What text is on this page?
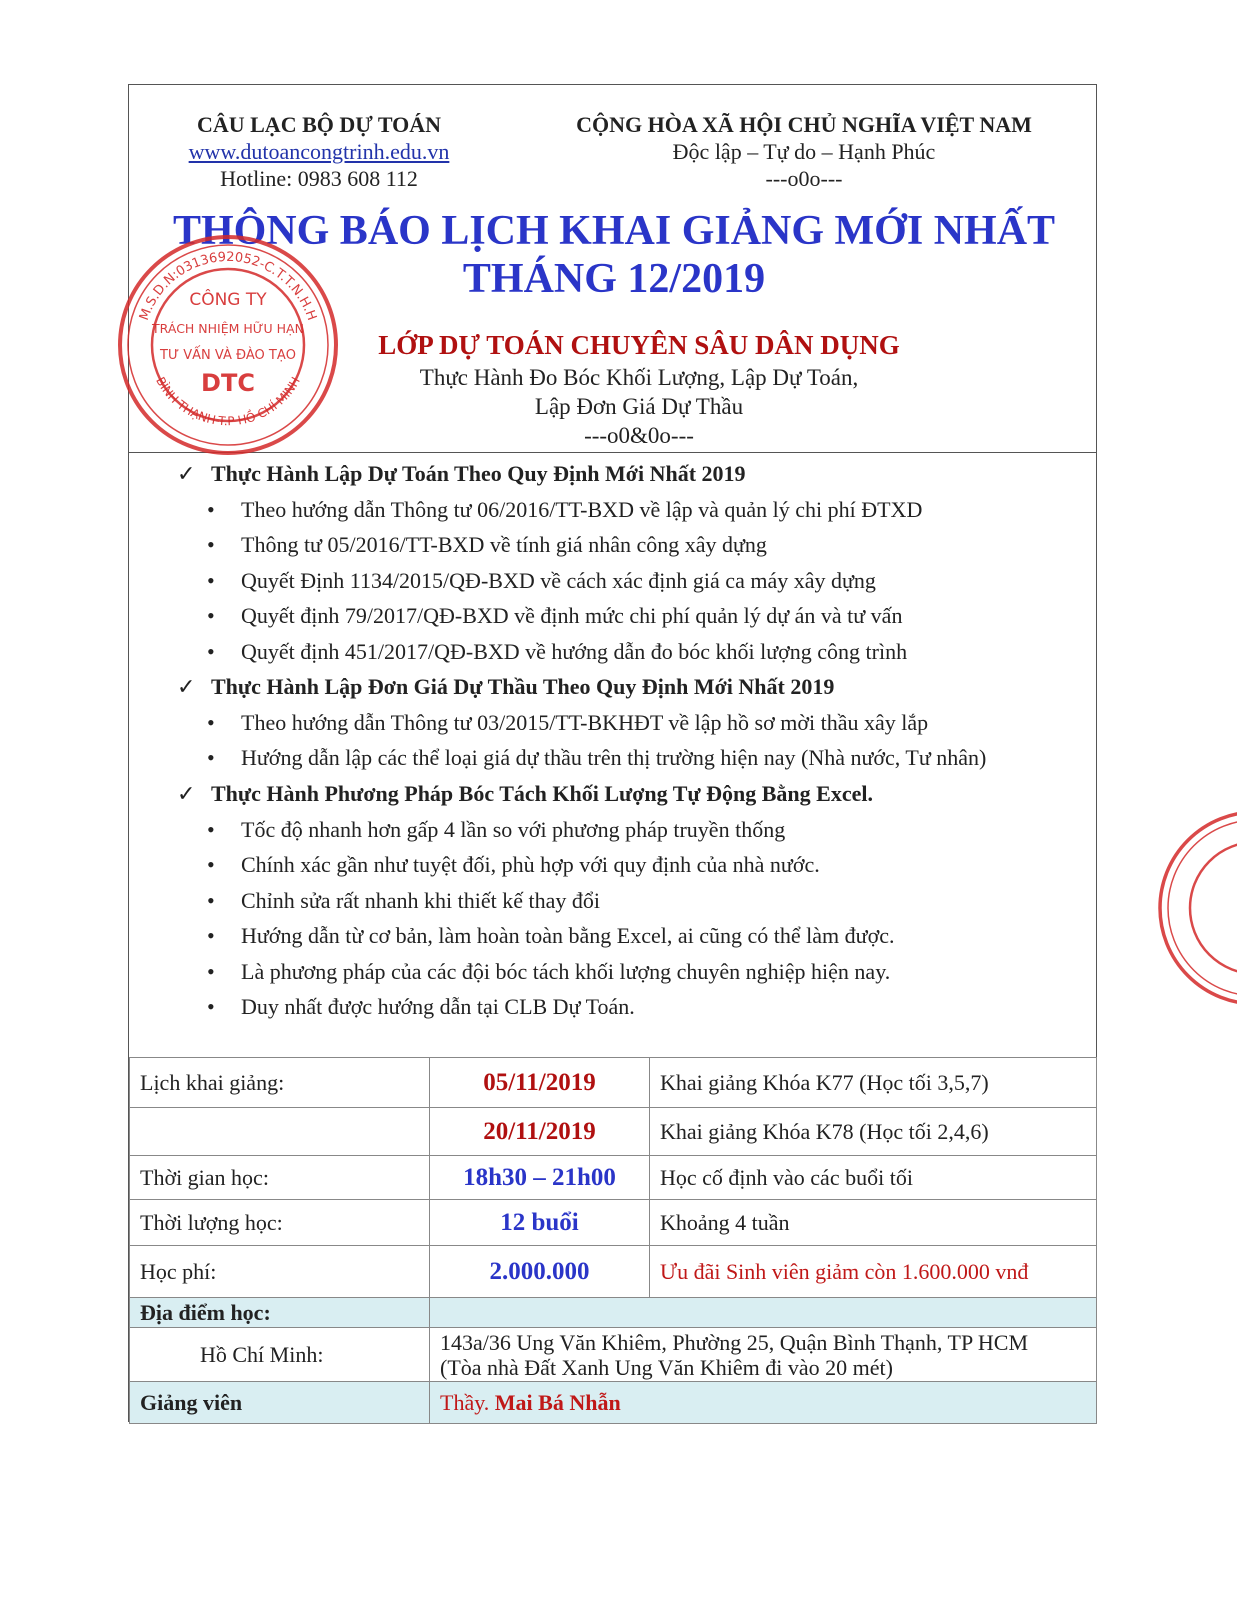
CÂU LẠC BỘ DỰ TOÁN
www.dutoancongtrinh.edu.vn
Hotline: 0983 608 112
CỘNG HÒA XÃ HỘI CHỦ NGHĨA VIỆT NAM
Độc lập – Tự do – Hạnh Phúc
---o0o---
THÔNG BÁO LỊCH KHAI GIẢNG MỚI NHẤT
THÁNG 12/2019
LỚP DỰ TOÁN CHUYÊN SÂU DÂN DỤNG
Thực Hành Đo Bóc Khối Lượng, Lập Dự Toán,
Lập Đơn Giá Dự Thầu
---o0&0o---
✓ Thực Hành Lập Dự Toán Theo Quy Định Mới Nhất 2019
• Theo hướng dẫn Thông tư 06/2016/TT-BXD về lập và quản lý chi phí ĐTXD
• Thông tư 05/2016/TT-BXD về tính giá nhân công xây dựng
• Quyết Định 1134/2015/QĐ-BXD về cách xác định giá ca máy xây dựng
• Quyết định 79/2017/QĐ-BXD về định mức chi phí quản lý dự án và tư vấn
• Quyết định 451/2017/QĐ-BXD về hướng dẫn đo bóc khối lượng công trình
✓ Thực Hành Lập Đơn Giá Dự Thầu Theo Quy Định Mới Nhất 2019
• Theo hướng dẫn Thông tư 03/2015/TT-BKHĐT về lập hồ sơ mời thầu xây lắp
• Hướng dẫn lập các thể loại giá dự thầu trên thị trường hiện nay (Nhà nước, Tư nhân)
✓ Thực Hành Phương Pháp Bóc Tách Khối Lượng Tự Động Bằng Excel.
• Tốc độ nhanh hơn gấp 4 lần so với phương pháp truyền thống
• Chính xác gần như tuyệt đối, phù hợp với quy định của nhà nước.
• Chỉnh sửa rất nhanh khi thiết kế thay đổi
• Hướng dẫn từ cơ bản, làm hoàn toàn bằng Excel, ai cũng có thể làm được.
• Là phương pháp của các đội bóc tách khối lượng chuyên nghiệp hiện nay.
• Duy nhất được hướng dẫn tại CLB Dự Toán.
Lịch khai giảng:	05/11/2019	Khai giảng Khóa K77 (Học tối 3,5,7)
	20/11/2019	Khai giảng Khóa K78 (Học tối 2,4,6)
Thời gian học:	18h30 – 21h00	Học cố định vào các buổi tối
Thời lượng học:	12 buổi	Khoảng 4 tuần
Học phí:	2.000.000	Ưu đãi Sinh viên giảm còn 1.600.000 vnđ
Địa điểm học:		
Hồ Chí Minh:	143a/36 Ung Văn Khiêm, Phường 25, Quận Bình Thạnh, TP HCM
(Tòa nhà Đất Xanh Ung Văn Khiêm đi vào 20 mét)	

Giảng viên	Thầy. Mai Bá Nhẫn	
M.S.D.N:0313692052-C.T.T.N.H.H
BÌNH THẠNH-T.P HỒ CHÍ MINH
CÔNG TY
TRÁCH NHIỆM HỮU HẠN
TƯ VẤN VÀ ĐÀO TẠO
DTC
